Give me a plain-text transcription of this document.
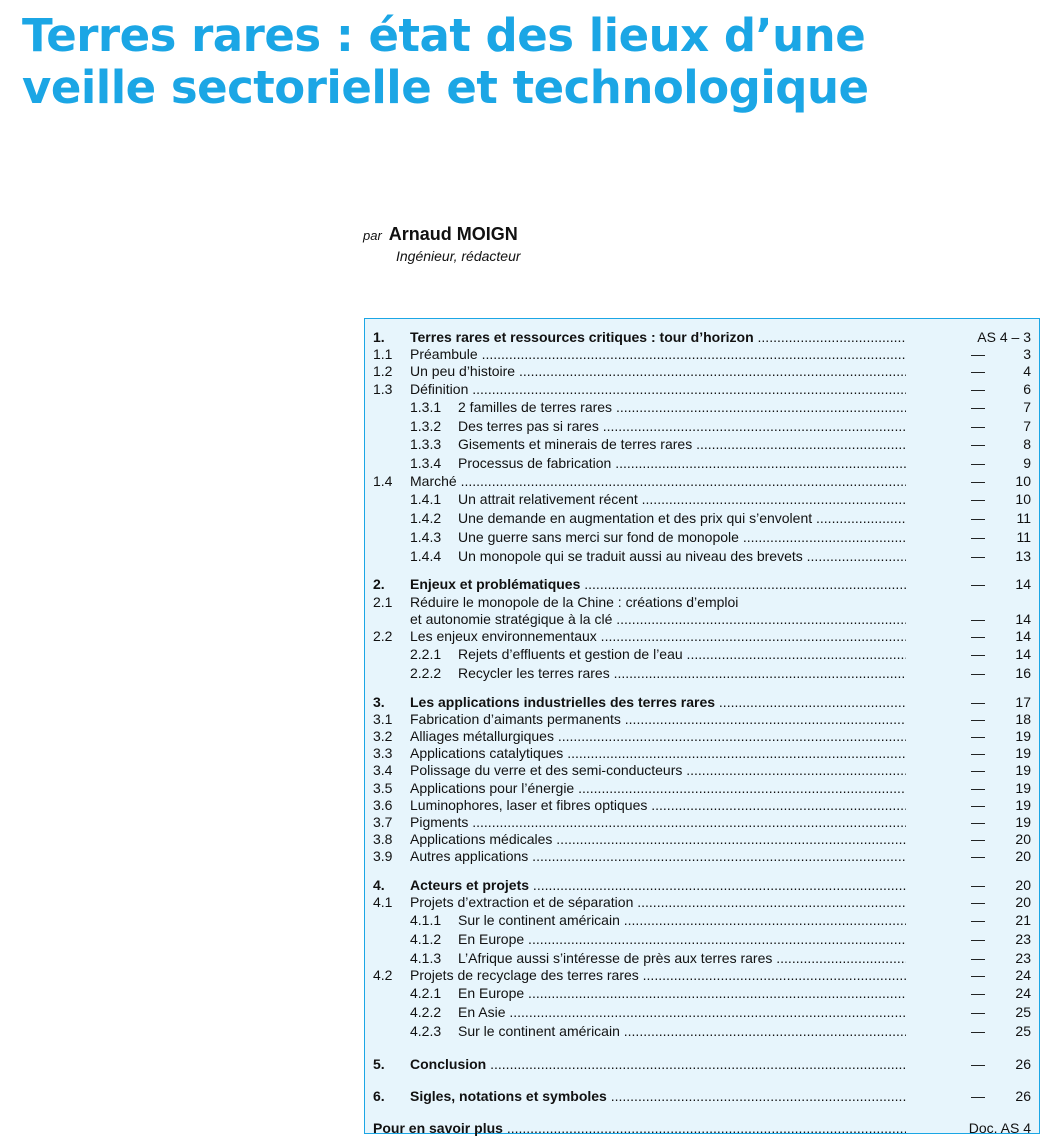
Terres rares : état des lieux d’une
veille sectorielle et technologique
par Arnaud MOIGN
Ingénieur, rédacteur
1. Terres rares et ressources critiques : tour d’horizon .....	AS 4 – 3
1.1 Préambule .....	—	3
1.2 Un peu d’histoire .....	—	4
1.3 Définition .....	—	6
1.3.1 2 familles de terres rares .....	—	7
1.3.2 Des terres pas si rares .....	—	7
1.3.3 Gisements et minerais de terres rares .....	—	8
1.3.4 Processus de fabrication .....	—	9
1.4 Marché .....	— 10
1.4.1 Un attrait relativement récent .....	— 10
1.4.2 Une demande en augmentation et des prix qui s’envolent .....	— 11
1.4.3 Une guerre sans merci sur fond de monopole .....	— 11
1.4.4 Un monopole qui se traduit aussi au niveau des brevets .....	— 13
2. Enjeux et problématiques .....	— 14
2.1 Réduire le monopole de la Chine : créations d’emploi
et autonomie stratégique à la clé .....	— 14
2.2 Les enjeux environnementaux .....	— 14
2.2.1 Rejets d’effluents et gestion de l’eau .....	— 14
2.2.2 Recycler les terres rares .....	— 16
3. Les applications industrielles des terres rares .....	— 17
3.1 Fabrication d’aimants permanents .....	— 18
3.2 Alliages métallurgiques .....	— 19
3.3 Applications catalytiques .....	— 19
3.4 Polissage du verre et des semi-conducteurs .....	— 19
3.5 Applications pour l’énergie .....	— 19
3.6 Luminophores, laser et fibres optiques .....	— 19
3.7 Pigments .....	— 19
3.8 Applications médicales .....	— 20
3.9 Autres applications .....	— 20
4. Acteurs et projets .....	— 20
4.1 Projets d’extraction et de séparation .....	— 20
4.1.1 Sur le continent américain .....	— 21
4.1.2 En Europe .....	— 23
4.1.3 L’Afrique aussi s’intéresse de près aux terres rares .....	— 23
4.2 Projets de recyclage des terres rares .....	— 24
4.2.1 En Europe .....	— 24
4.2.2 En Asie .....	— 25
4.2.3 Sur le continent américain .....	— 25
5. Conclusion .....	— 26
6. Sigles, notations et symboles .....	— 26
Pour en savoir plus .....	Doc. AS 4
